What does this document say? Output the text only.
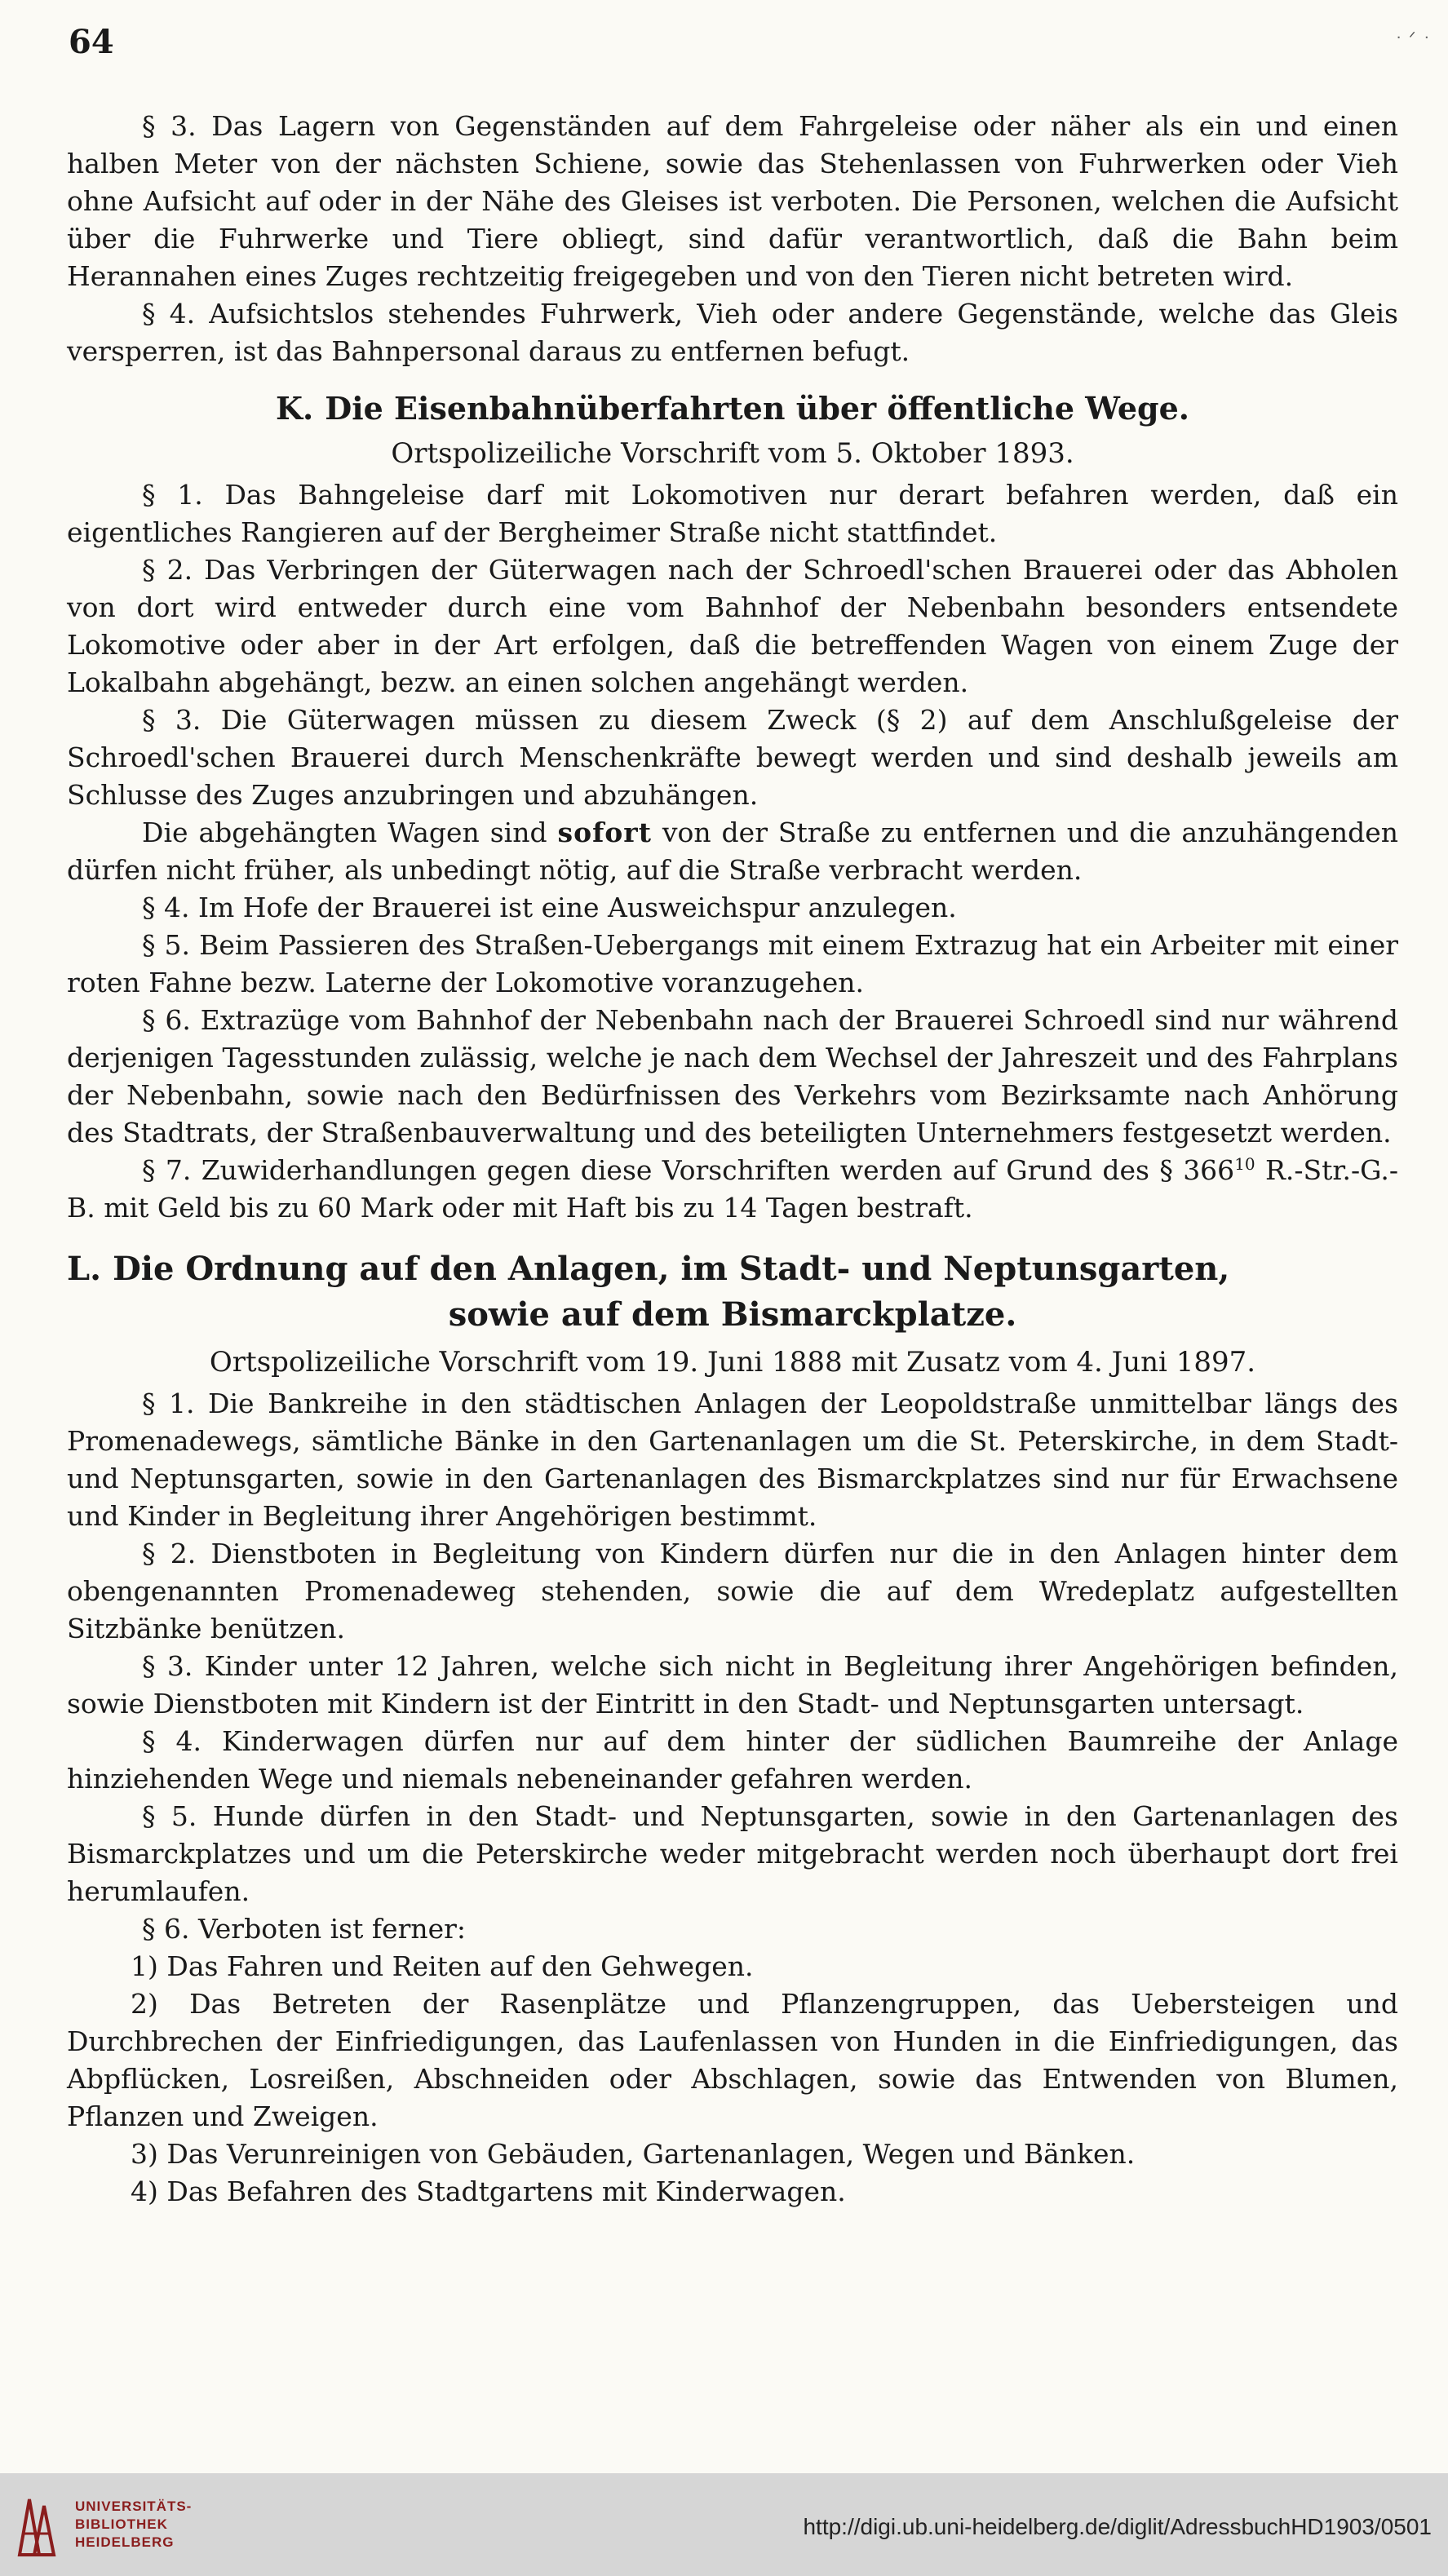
64	ᐧ ᐟ ᐧ

§ 3. Das Lagern von Gegenständen auf dem Fahrgeleise oder näher als ein und einen halben Meter von der nächsten Schiene, sowie das Stehenlassen von Fuhrwerken oder Vieh ohne Aufsicht auf oder in der Nähe des Gleises ist verboten. Die Personen, welchen die Aufsicht über die Fuhrwerke und Tiere obliegt, sind dafür verantwortlich, daß die Bahn beim Herannahen eines Zuges rechtzeitig freigegeben und von den Tieren nicht betreten wird.

§ 4. Aufsichtslos stehendes Fuhrwerk, Vieh oder andere Gegenstände, welche das Gleis versperren, ist das Bahnpersonal daraus zu entfernen befugt.

K. Die Eisenbahnüberfahrten über öffentliche Wege.
Ortspolizeiliche Vorschrift vom 5. Oktober 1893.

§ 1. Das Bahngeleise darf mit Lokomotiven nur derart befahren werden, daß ein eigentliches Rangieren auf der Bergheimer Straße nicht stattfindet.

§ 2. Das Verbringen der Güterwagen nach der Schroedl'schen Brauerei oder das Abholen von dort wird entweder durch eine vom Bahnhof der Nebenbahn besonders entsendete Lokomotive oder aber in der Art erfolgen, daß die betreffenden Wagen von einem Zuge der Lokalbahn abgehängt, bezw. an einen solchen angehängt werden.

§ 3. Die Güterwagen müssen zu diesem Zweck (§ 2) auf dem Anschlußgeleise der Schroedl'schen Brauerei durch Menschenkräfte bewegt werden und sind deshalb jeweils am Schlusse des Zuges anzubringen und abzuhängen.

Die abgehängten Wagen sind sofort von der Straße zu entfernen und die anzuhängenden dürfen nicht früher, als unbedingt nötig, auf die Straße verbracht werden.

§ 4. Im Hofe der Brauerei ist eine Ausweichspur anzulegen.

§ 5. Beim Passieren des Straßen-Uebergangs mit einem Extrazug hat ein Arbeiter mit einer roten Fahne bezw. Laterne der Lokomotive voranzugehen.

§ 6. Extrazüge vom Bahnhof der Nebenbahn nach der Brauerei Schroedl sind nur während derjenigen Tagesstunden zulässig, welche je nach dem Wechsel der Jahreszeit und des Fahrplans der Nebenbahn, sowie nach den Bedürfnissen des Verkehrs vom Bezirksamte nach Anhörung des Stadtrats, der Straßenbauverwaltung und des beteiligten Unternehmers festgesetzt werden.

§ 7. Zuwiderhandlungen gegen diese Vorschriften werden auf Grund des § $366^{10}$ R.-Str.-G.-B. mit Geld bis zu 60 Mark oder mit Haft bis zu 14 Tagen bestraft.

L. Die Ordnung auf den Anlagen, im Stadt- und Neptunsgarten,
sowie auf dem Bismarckplatze.
Ortspolizeiliche Vorschrift vom 19. Juni 1888 mit Zusatz vom 4. Juni 1897.

§ 1. Die Bankreihe in den städtischen Anlagen der Leopoldstraße unmittelbar längs des Promenadewegs, sämtliche Bänke in den Gartenanlagen um die St. Peterskirche, in dem Stadt- und Neptunsgarten, sowie in den Gartenanlagen des Bismarckplatzes sind nur für Erwachsene und Kinder in Begleitung ihrer Angehörigen bestimmt.

§ 2. Dienstboten in Begleitung von Kindern dürfen nur die in den Anlagen hinter dem obengenannten Promenadeweg stehenden, sowie die auf dem Wredeplatz aufgestellten Sitzbänke benützen.

§ 3. Kinder unter 12 Jahren, welche sich nicht in Begleitung ihrer Angehörigen befinden, sowie Dienstboten mit Kindern ist der Eintritt in den Stadt- und Neptunsgarten untersagt.

§ 4. Kinderwagen dürfen nur auf dem hinter der südlichen Baumreihe der Anlage hinziehenden Wege und niemals nebeneinander gefahren werden.

§ 5. Hunde dürfen in den Stadt- und Neptunsgarten, sowie in den Gartenanlagen des Bismarckplatzes und um die Peterskirche weder mitgebracht werden noch überhaupt dort frei herumlaufen.

§ 6. Verboten ist ferner:

1) Das Fahren und Reiten auf den Gehwegen.

2) Das Betreten der Rasenplätze und Pflanzengruppen, das Uebersteigen und Durchbrechen der Einfriedigungen, das Laufenlassen von Hunden in die Einfriedigungen, das Abpflücken, Losreißen, Abschneiden oder Abschlagen, sowie das Entwenden von Blumen, Pflanzen und Zweigen.

3) Das Verunreinigen von Gebäuden, Gartenanlagen, Wegen und Bänken.

4) Das Befahren des Stadtgartens mit Kinderwagen.

UNIVERSITÄTS-
BIBLIOTHEK
HEIDELBERG
http://digi.ub.uni-heidelberg.de/diglit/AdressbuchHD1903/0501
